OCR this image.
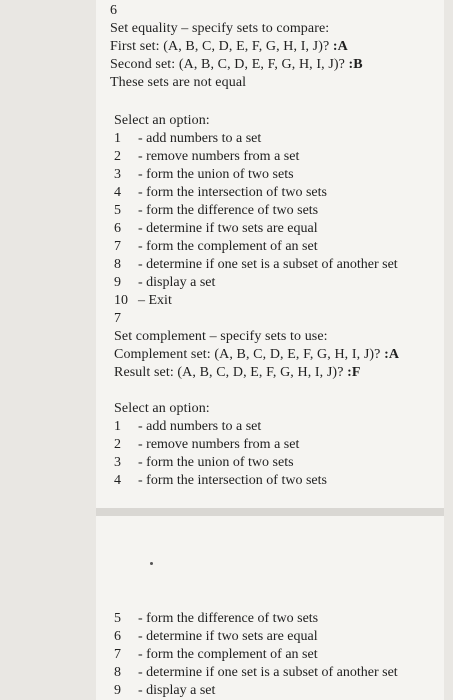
6
Set equality – specify sets to compare:
First set: (A, B, C, D, E, F, G, H, I, J)? :A
Second set: (A, B, C, D, E, F, G, H, I, J)? :B
These sets are not equal
Select an option:
1 - add numbers to a set
2 - remove numbers from a set
3 - form the union of two sets
4 - form the intersection of two sets
5 - form the difference of two sets
6 - determine if two sets are equal
7 - form the complement of an set
8 - determine if one set is a subset of another set
9 - display a set
10 – Exit
7
Set complement – specify sets to use:
Complement set: (A, B, C, D, E, F, G, H, I, J)? :A
Result set: (A, B, C, D, E, F, G, H, I, J)? :F
Select an option:
1 - add numbers to a set
2 - remove numbers from a set
3 - form the union of two sets
4 - form the intersection of two sets
5 - form the difference of two sets
6 - determine if two sets are equal
7 - form the complement of an set
8 - determine if one set is a subset of another set
9 - display a set
